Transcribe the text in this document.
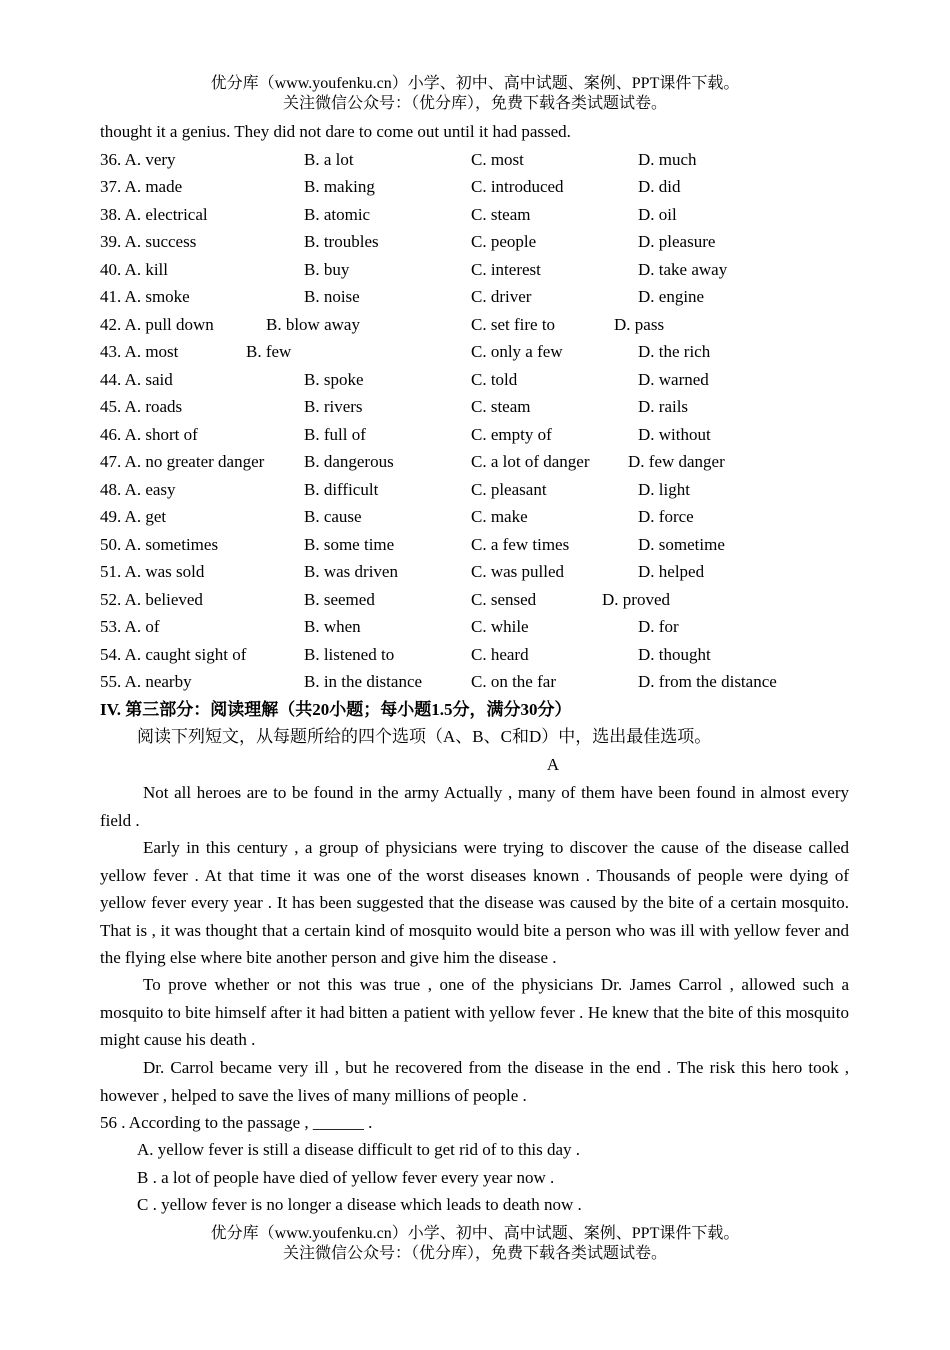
优分库（www.youfenku.cn）小学、初中、高中试题、案例、PPT课件下载。
关注微信公众号：（优分库），免费下载各类试题试卷。
thought it a genius. They did not dare to come out until it had passed.
36. A. very	B. a lot	C. most	D. much
37. A. made	B. making	C. introduced	D. did
38. A. electrical	B. atomic	C. steam	D. oil
39. A. success	B. troubles	C. people	D. pleasure
40. A. kill	B. buy	C. interest	D. take away
41. A. smoke	B. noise	C. driver	D. engine
42. A. pull down	B. blow away	C. set fire to	D. pass
43. A. most	B. few	C. only a few	D. the rich
44. A. said	B. spoke	C. told	D. warned
45. A. roads	B. rivers	C. steam	D. rails
46. A. short of	B. full of	C. empty of	D. without
47. A. no greater danger B. dangerous	C. a lot of danger D. few danger
48. A. easy	B. difficult	C. pleasant	D. light
49. A. get	B. cause	C. make	D. force
50. A. sometimes	B. some time	C. a few times	D. sometime
51. A. was sold	B. was driven	C. was pulled	D. helped
52. A. believed	B. seemed	C. sensed	D. proved
53. A. of	B. when	C. while	D. for
54. A. caught sight of	B. listened to	C. heard	D. thought
55. A. nearby	B. in the distance	C. on the far	D. from the distance
IV. 第三部分：阅读理解（共20小题；每小题1.5分，满分30分）
阅读下列短文，从每题所给的四个选项（A、B、C和D）中，选出最佳选项。
A

Not all heroes are to be found in the army Actually , many of them have been found in almost every field .

Early in this century , a group of physicians were trying to discover the cause of the disease called yellow fever . At that time it was one of the worst diseases known . Thousands of people were dying of yellow fever every year . It has been suggested that the disease was caused by the bite of a certain mosquito. That is , it was thought that a certain kind of mosquito would bite a person who was ill with yellow fever and the flying else where bite another person and give him the disease .

To prove whether or not this was true , one of the physicians Dr. James Carrol , allowed such a mosquito to bite himself after it had bitten a patient with yellow fever . He knew that the bite of this mosquito might cause his death .

Dr. Carrol became very ill , but he recovered from the disease in the end . The risk this hero took , however , helped to save the lives of many millions of people .

56 . According to the passage , ______ .
A. yellow fever is still a disease difficult to get rid of to this day .
B . a lot of people have died of yellow fever every year now .
C . yellow fever is no longer a disease which leads to death now .
优分库（www.youfenku.cn）小学、初中、高中试题、案例、PPT课件下载。
关注微信公众号：（优分库），免费下载各类试题试卷。
